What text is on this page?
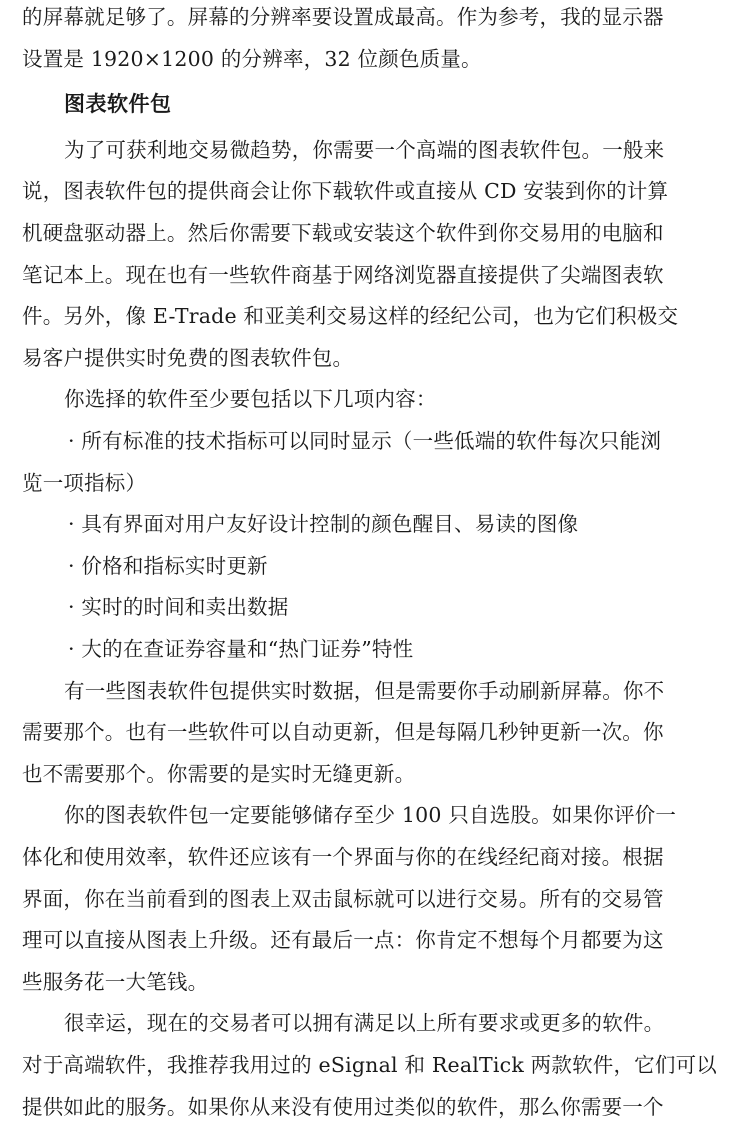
的屏幕就足够了。屏幕的分辨率要设置成最高。作为参考，我的显示器
设置是 1920×1200 的分辨率，32 位颜色质量。
图表软件包
为了可获利地交易微趋势，你需要一个高端的图表软件包。一般来
说，图表软件包的提供商会让你下载软件或直接从 CD 安装到你的计算
机硬盘驱动器上。然后你需要下载或安装这个软件到你交易用的电脑和
笔记本上。现在也有一些软件商基于网络浏览器直接提供了尖端图表软
件。另外，像 E-Trade 和亚美利交易这样的经纪公司，也为它们积极交
易客户提供实时免费的图表软件包。
你选择的软件至少要包括以下几项内容：
· 所有标准的技术指标可以同时显示（一些低端的软件每次只能浏
览一项指标）
· 具有界面对用户友好设计控制的颜色醒目、易读的图像
· 价格和指标实时更新
· 实时的时间和卖出数据
· 大的在查证券容量和“热门证券”特性
有一些图表软件包提供实时数据，但是需要你手动刷新屏幕。你不
需要那个。也有一些软件可以自动更新，但是每隔几秒钟更新一次。你
也不需要那个。你需要的是实时无缝更新。
你的图表软件包一定要能够储存至少 100 只自选股。如果你评价一
体化和使用效率，软件还应该有一个界面与你的在线经纪商对接。根据
界面，你在当前看到的图表上双击鼠标就可以进行交易。所有的交易管
理可以直接从图表上升级。还有最后一点：你肯定不想每个月都要为这
些服务花一大笔钱。
很幸运，现在的交易者可以拥有满足以上所有要求或更多的软件。
对于高端软件，我推荐我用过的 eSignal 和 RealTick 两款软件，它们可以
提供如此的服务。如果你从来没有使用过类似的软件，那么你需要一个
